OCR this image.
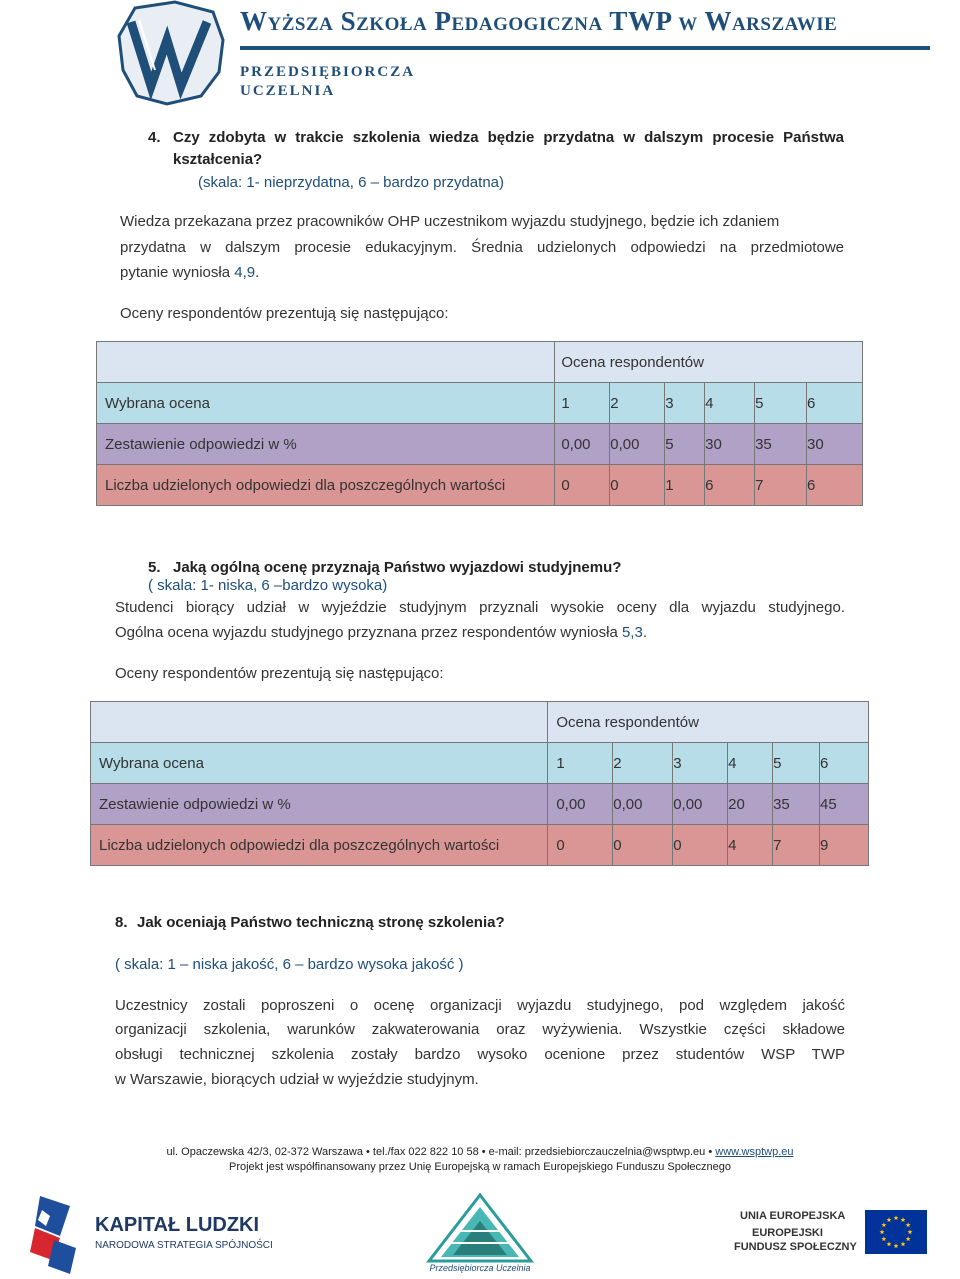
Wyższa Szkoła Pedagogiczna TWP w Warszawie
PRZEDSIĘBIORCZA
UCZELNIA
4. Czy zdobyta w trakcie szkolenia wiedza będzie przydatna w dalszym procesie Państwa
kształcenia?
(skala: 1- nieprzydatna, 6 – bardzo przydatna)
Wiedza przekazana przez pracowników OHP uczestnikom wyjazdu studyjnego, będzie ich zdaniem
przydatna w dalszym procesie edukacyjnym. Średnia udzielonych odpowiedzi na przedmiotowe
pytanie wyniosła 4,9.
Oceny respondentów prezentują się następująco:
	Ocena respondentów					
Wybrana ocena	1	2	3	4	5	6
Zestawienie odpowiedzi w %	0,00	0,00	5	30	35	30
Liczba udzielonych odpowiedzi dla poszczególnych wartości	0	0	1	6	7	6
5. Jaką ogólną ocenę przyznają Państwo wyjazdowi studyjnemu?
( skala: 1- niska, 6 –bardzo wysoka)
Studenci biorący udział w wyjeździe studyjnym przyznali wysokie oceny dla wyjazdu studyjnego.
Ogólna ocena wyjazdu studyjnego przyznana przez respondentów wyniosła 5,3.
Oceny respondentów prezentują się następująco:
	Ocena respondentów					
Wybrana ocena	1	2	3	4	5	6
Zestawienie odpowiedzi w %	0,00	0,00	0,00	20	35	45
Liczba udzielonych odpowiedzi dla poszczególnych wartości	0	0	0	4	7	9
8. Jak oceniają Państwo techniczną stronę szkolenia?
( skala: 1 – niska jakość, 6 – bardzo wysoka jakość )
Uczestnicy zostali poproszeni o ocenę organizacji wyjazdu studyjnego, pod względem jakość
organizacji szkolenia, warunków zakwaterowania oraz wyżywienia. Wszystkie części składowe
obsługi technicznej szkolenia zostały bardzo wysoko ocenione przez studentów WSP TWP
w Warszawie, biorących udział w wyjeździe studyjnym.
ul. Opaczewska 42/3, 02-372 Warszawa • tel./fax 022 822 10 58 • e-mail: przedsiebiorczauczelnia@wsptwp.eu • www.wsptwp.eu
Projekt jest współfinansowany przez Unię Europejską w ramach Europejskiego Funduszu Społecznego
KAPITAŁ LUDZKI
NARODOWA STRATEGIA SPÓJNOŚCI
Przedsiębiorcza Uczelnia
UNIA EUROPEJSKA
EUROPEJSKI
FUNDUSZ SPOŁECZNY
